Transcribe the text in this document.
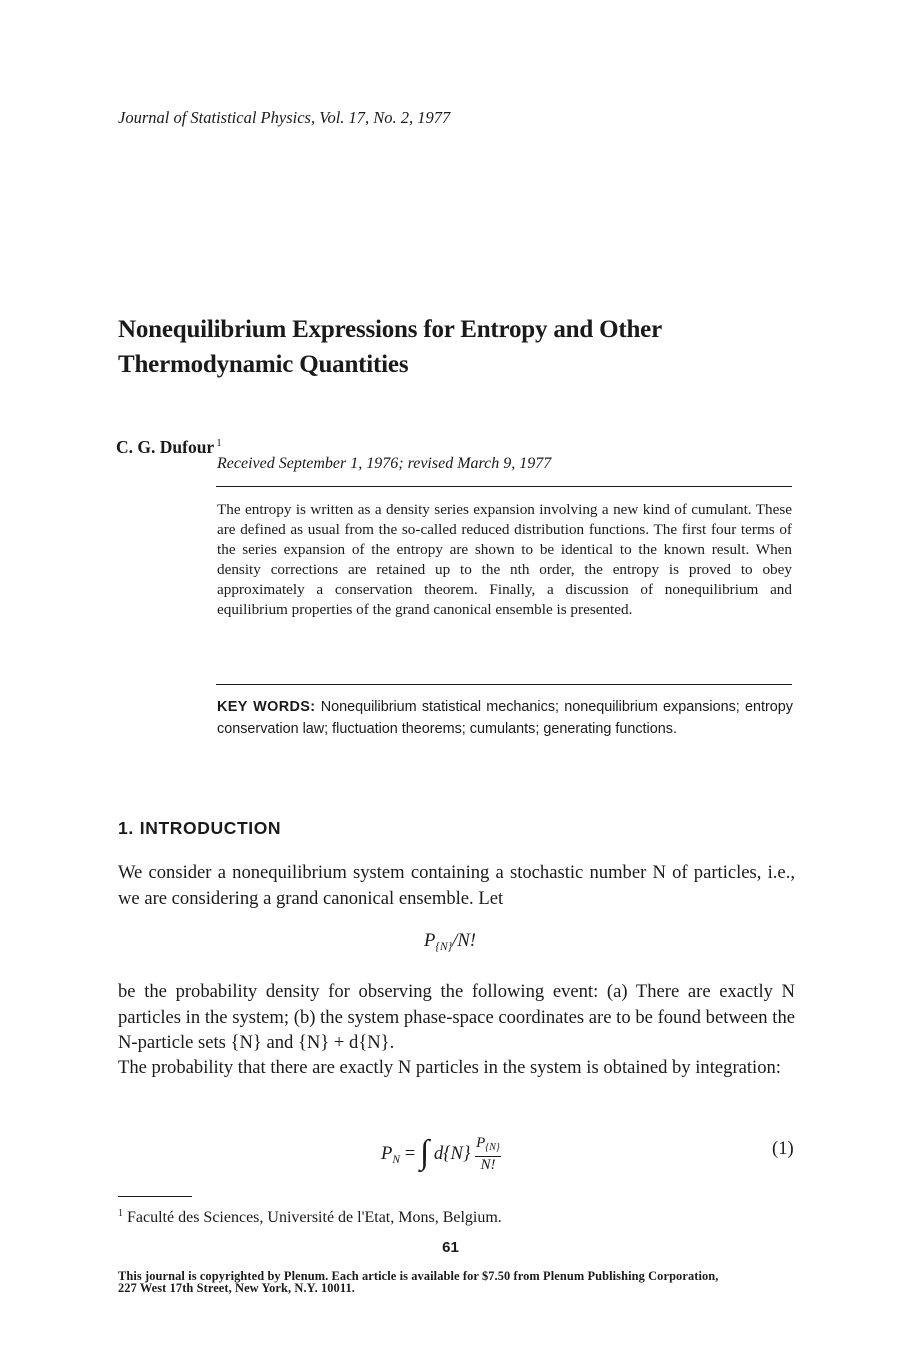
Journal of Statistical Physics, Vol. 17, No. 2, 1977
Nonequilibrium Expressions for Entropy and Other Thermodynamic Quantities
C. G. Dufour $^1$
Received September 1, 1976; revised March 9, 1977
The entropy is written as a density series expansion involving a new kind of cumulant. These are defined as usual from the so-called reduced distribution functions. The first four terms of the series expansion of the entropy are shown to be identical to the known result. When density corrections are retained up to the nth order, the entropy is proved to obey approximately a conservation theorem. Finally, a discussion of nonequilibrium and equilibrium properties of the grand canonical ensemble is presented.
KEY WORDS: Nonequilibrium statistical mechanics; nonequilibrium expansions; entropy conservation law; fluctuation theorems; cumulants; generating functions.
1. INTRODUCTION
We consider a nonequilibrium system containing a stochastic number N of particles, i.e., we are considering a grand canonical ensemble. Let
$P_{\{N\}}/N$!
be the probability density for observing the following event: (a) There are exactly N particles in the system; (b) the system phase-space coordinates are to be found between the N-particle sets {N} and {N} + d{N}.
The probability that there are exactly N particles in the system is obtained by integration:
$P_N$ = ∫ $d\{N\} \frac{P_{\{N\}}}{N!}$	(1)
$^1$ Faculté des Sciences, Université de l'Etat, Mons, Belgium.
61
This journal is copyrighted by Plenum. Each article is available for $7.50 from Plenum Publishing Corporation,
227 West 17th Street, New York, N.Y. 10011.
